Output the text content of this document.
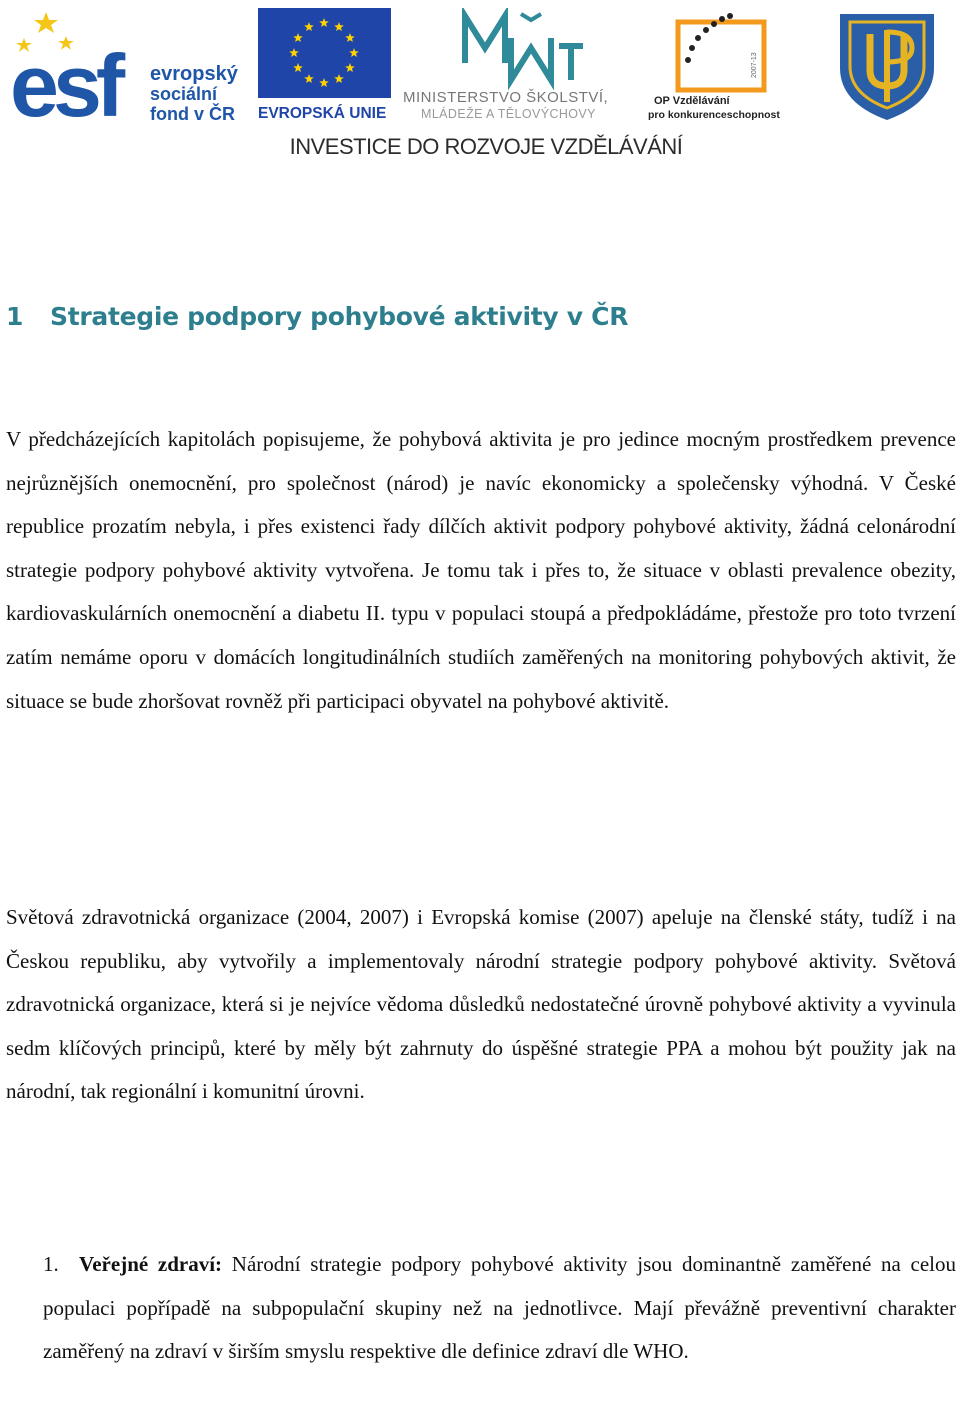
esf	evropský
sociální
fond v ČR EVROPSKÁ UNIE
MINISTERSTVO ŠKOLSTVÍ,
MLÁDEŽE A TĚLOVÝCHOVY
2007-13
OP Vzdělávání
pro konkurenceschopnost
INVESTICE DO ROZVOJE VZDĚLÁVÁNÍ
1 Strategie podpory pohybové aktivity v ČR

V předcházejících kapitolách popisujeme, že pohybová aktivita je pro jedince mocným prostředkem prevence nejrůznějších onemocnění, pro společnost (národ) je navíc ekonomicky a společensky výhodná. V České republice prozatím nebyla, i přes existenci řady dílčích aktivit podpory pohybové aktivity, žádná celonárodní strategie podpory pohybové aktivity vytvořena. Je tomu tak i přes to, že situace v oblasti prevalence obezity, kardiovaskulárních onemocnění a diabetu II. typu v populaci stoupá a předpokládáme, přestože pro toto tvrzení zatím nemáme oporu v domácích longitudinálních studiích zaměřených na monitoring pohybových aktivit, že situace se bude zhoršovat rovněž při participaci obyvatel na pohybové aktivitě.

Světová zdravotnická organizace (2004, 2007) i Evropská komise (2007) apeluje na členské státy, tudíž i na Českou republiku, aby vytvořily a implementovaly národní strategie podpory pohybové aktivity. Světová zdravotnická organizace, která si je nejvíce vědoma důsledků nedostatečné úrovně pohybové aktivity a vyvinula sedm klíčových principů, které by měly být zahrnuty do úspěšné strategie PPA a mohou být použity jak na národní, tak regionální i komunitní úrovni.

1. Veřejné zdraví: Národní strategie podpory pohybové aktivity jsou dominantně zaměřené na celou populaci popřípadě na subpopulační skupiny než na jednotlivce. Mají převážně preventivní charakter zaměřený na zdraví v širším smyslu respektive dle definice zdraví dle WHO.
